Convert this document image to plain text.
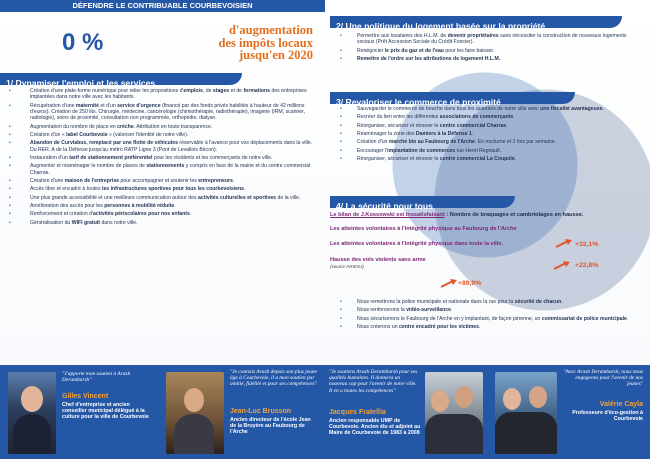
DÉFENDRE LE CONTRIBUABLE COURBEVOISIEN
0 %	d'augmentation
des impôts locaux
jusqu'en 2020
1/ Dynamiser l'emploi et les services
• Création d'une plate-forme numérique pour relier les propositions d'emplois, de stages et de formations des entreprises implantées dans notre ville avec les habitants.
• Récupération d'une maternité et d'un service d'urgence (financé par des fonds privés habilités à hauteur de 42 millions d'euros). Création de 250 lits. Chirurgie, médecine, cancérologie (chimiothérapie, radiothérapie), imagerie (IRM, scanner, radiologie), soins de proximité, consultation non programmée, orthopédie, dialyse.
• Augmentation du nombre de place en crèche. Attribution en toute transparence.
• Création d'un « label Courbevoie » (valoriser l'identité de notre ville).
• Abandon de Curviabus, remplacé par une flotte de véhicules réservable à l'avance pour vos déplacements dans la ville.
Du RER. A de la Défense jusqu'au métro RATP Ligne 3 (Pont de Levallois Bécon).
• Instauration d'un tarif de stationnement préférentiel pour les résidents et les commerçants de notre ville.
• Augmenter et réaménager le nombre de places de stationnements y compris en face de la mairie et du centre commercial Charras.
• Création d'une maison de l'entreprise pour accompagner et soutenir les entrepreneurs.
• Accès libre et encadré à toutes les infrastructures sportives pour tous les courbevoisiens.
• Une plus grande accessibilité et une meilleure communication autour des activités culturelles et sportives de la ville.
• Amélioration des accès pour les personnes à mobilité réduite.
• Renforcement et création d'activités périscolaires pour nos enfants.
• Généralisation du WIFI gratuit dans notre ville.
2/ Une politique du logement basée sur la propriété
• Permettre aux locataires des H.L.M. de devenir propriétaires sans nécessiter la construction de nouveaux logements sociaux (Prêt Accession Sociale du Crédit Foncier).
• Renégocier le prix du gaz et de l'eau pour les faire baisser.
• Remettre de l'ordre sur les attributions de logement H.L.M.
3/ Revaloriser le commerce de proximité
• Sauvegarder le commerce de bouche dans tous les quartiers de notre ville avec une fiscalité avantageuse.
• Recréer du lien entre les différentes associations de commerçants.
• Réorganiser, sécuriser et rénover le centre commercial Charras.
• Réaménager la zone des Damiers à la Défense 1.
• Création d'un marché bio au Faubourg de l'Arche. En nocturne et 2 fois par semaine.
• Encourager l'implantation de commerces rue Henri Regnault.
• Réorganiser, sécuriser et rénover le centre commercial La Coupole.
4/ La sécurité pour tous
Le bilan de J.Kossowski est inssatisfaisant : Nombre de braquages et cambriolages en hausse.
Les atteintes volontaires à l'intégrité physique au Faubourg de l'Arche
Les atteintes volontaires à l'intégrité physique dans toute la ville.
Hausse des vols violents sans arme
(source INHESJ)
+32,1%
+22,8%
+89,9%
• Nous remettrons la police municipale et nationale dans la rue pour la sécurité de chacun.
• Nous renforcerons la vidéo-surveillance.
• Nous sécuriserons le Faubourg de l'Arche en y implantant, de façon pérenne, un commissariat de police municipale.
• Nous créerons un centre encadré pour les victimes.
"J'apporte mon soutien à Arash Derambarsh"
Gilles Vincent
Chef d'entreprise et ancien conseiller municipal délégué à la culture pour la ville de Courbevoie
"Je connais Arash depuis son plus jeune âge à Courbevoie, il a mon soutien par amitié, fidélité et pour ses compétences"
Jean-Luc Brusson
Ancien directeur de l'école Jean de la Bruyère au Faubourg de l'Arche
"Je soutiens Arash Derambarsh pour ses qualités humaines. Il donnera un nouveau cap pour l'avenir de notre ville. Il en a toutes les compétences"
Jacques Fratellia
Ancien responsable UMP de Courbevoie. Ancien élu et adjoint au Maire de Courbevoie de 1983 à 2008
"Avec Arash Derambarsh, nous nous engageons pour l'avenir de nos jeunes"
Valérie Cayla
Professeure d'éco-gestion à Courbevoie
